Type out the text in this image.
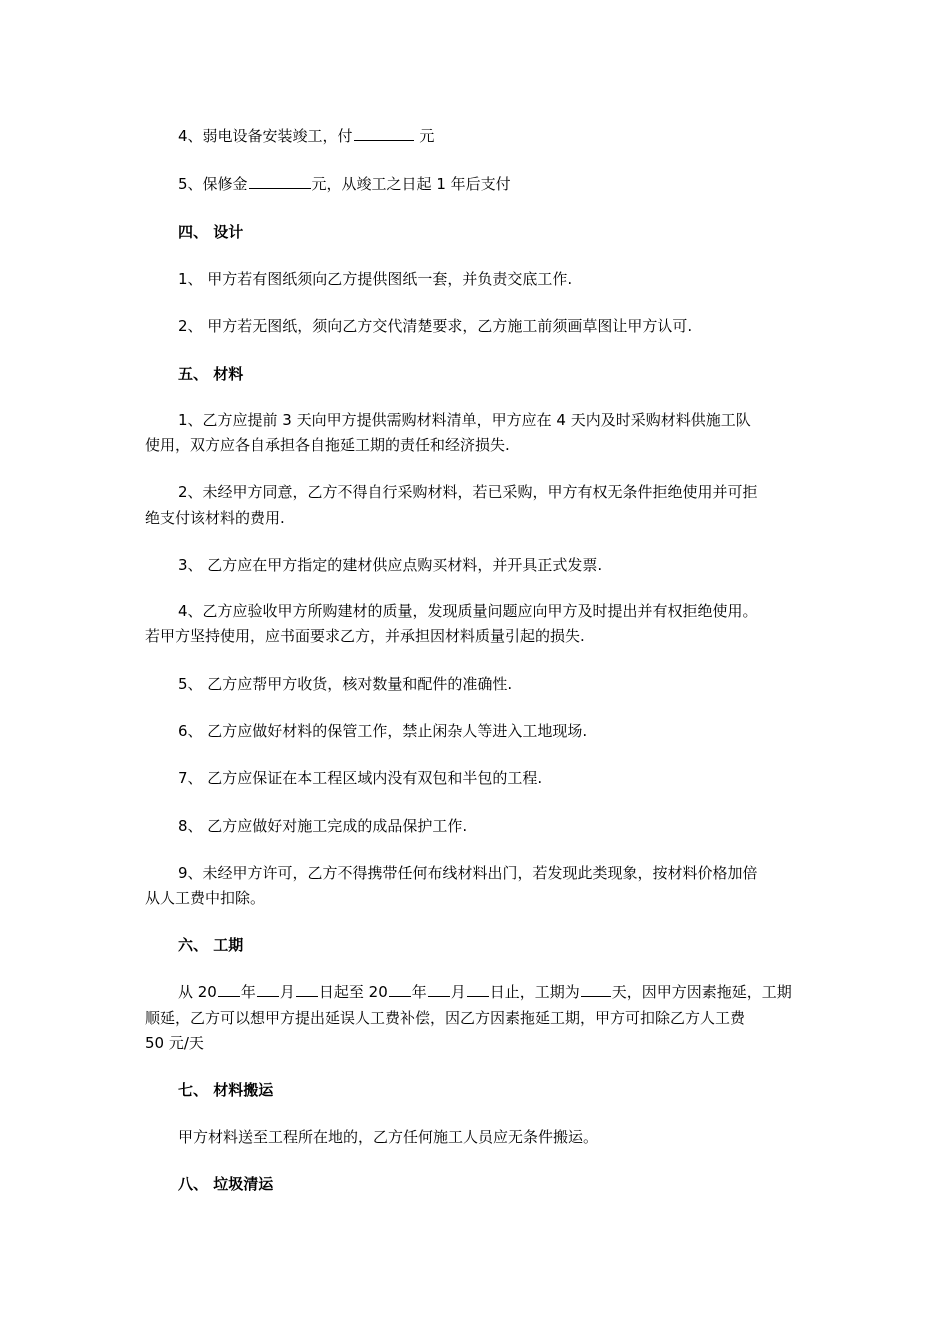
4、弱电设备安装竣工，付	元
5、保修金	元，从竣工之日起 1 年后支付
四、 设计
1、 甲方若有图纸须向乙方提供图纸一套，并负责交底工作.
2、 甲方若无图纸，须向乙方交代清楚要求，乙方施工前须画草图让甲方认可.
五、 材料
1、乙方应提前 3 天向甲方提供需购材料清单，甲方应在 4 天内及时采购材料供施工队
使用，双方应各自承担各自拖延工期的责任和经济损失.
2、未经甲方同意，乙方不得自行采购材料，若已采购，甲方有权无条件拒绝使用并可拒
绝支付该材料的费用.
3、 乙方应在甲方指定的建材供应点购买材料，并开具正式发票.
4、乙方应验收甲方所购建材的质量，发现质量问题应向甲方及时提出并有权拒绝使用。
若甲方坚持使用，应书面要求乙方，并承担因材料质量引起的损失.
5、 乙方应帮甲方收货，核对数量和配件的准确性.
6、 乙方应做好材料的保管工作，禁止闲杂人等进入工地现场.
7、 乙方应保证在本工程区域内没有双包和半包的工程.
8、 乙方应做好对施工完成的成品保护工作.
9、未经甲方许可，乙方不得携带任何布线材料出门，若发现此类现象，按材料价格加倍
从人工费中扣除。
六、 工期
从 20 年 月 日起至 20 年 月 日止，工期为 天，因甲方因素拖延，工期
顺延，乙方可以想甲方提出延误人工费补偿，因乙方因素拖延工期，甲方可扣除乙方人工费
50 元/天
七、 材料搬运
甲方材料送至工程所在地的，乙方任何施工人员应无条件搬运。
八、 垃圾清运
